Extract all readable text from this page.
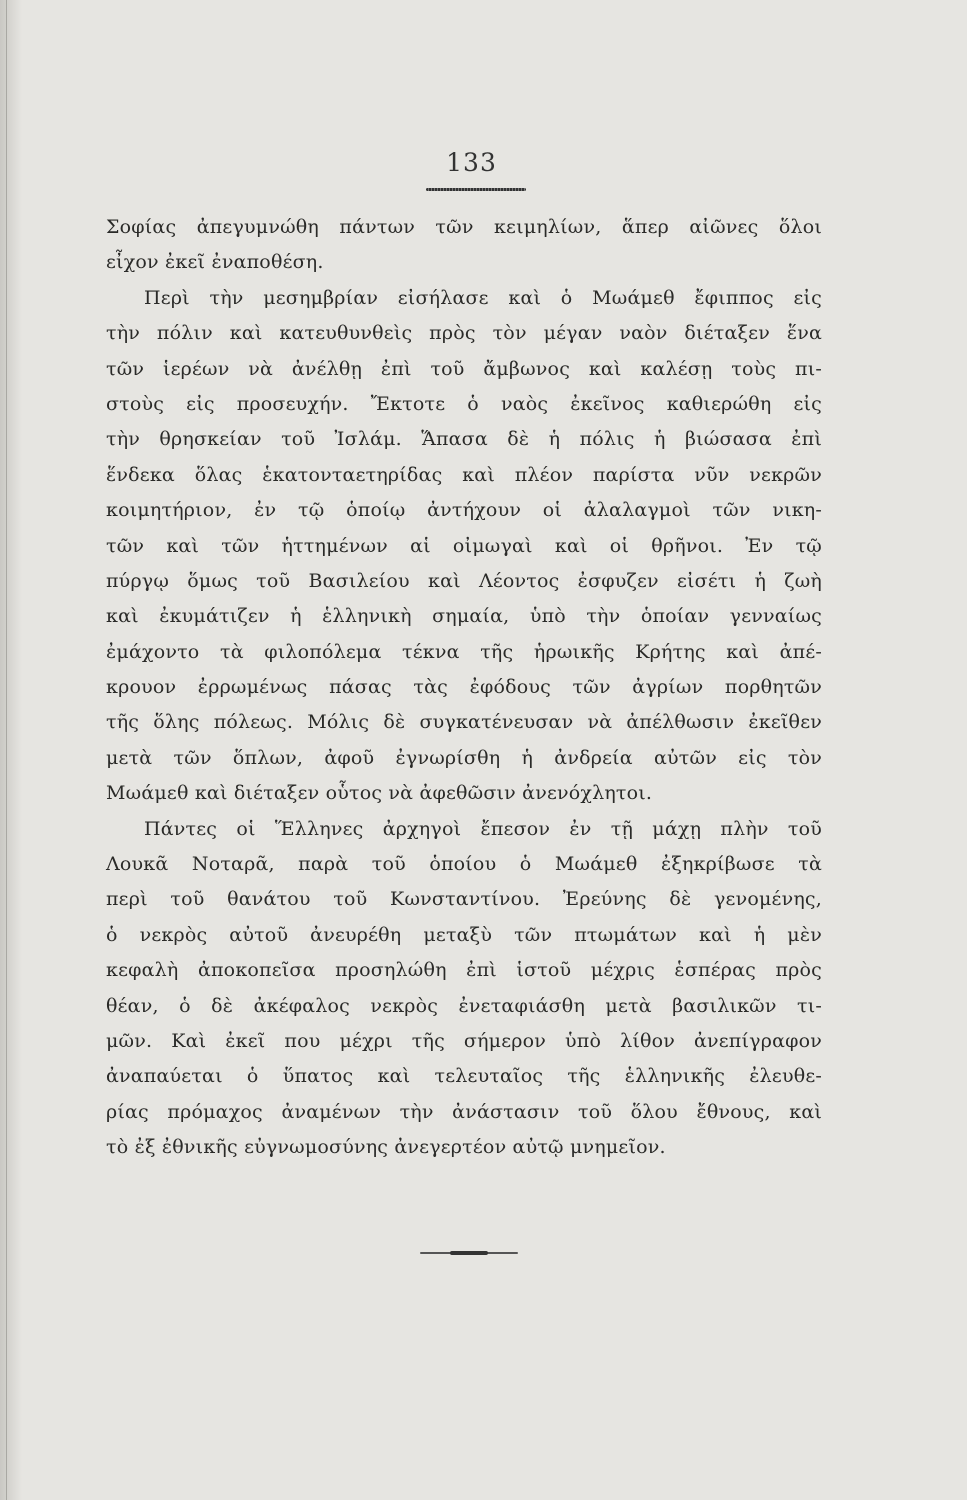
133
Σοφίας ἀπεγυμνώθη πάντων τῶν κειμηλίων, ἅπερ αἰῶνες ὅλοι
εἶχον ἐκεῖ ἐναποθέση.
Περὶ τὴν μεσημβρίαν εἰσήλασε καὶ ὁ Μωάμεθ ἔφιππος εἰς
τὴν πόλιν καὶ κατευθυνθεὶς πρὸς τὸν μέγαν ναὸν διέταξεν ἕνα
τῶν ἱερέων νὰ ἀνέλθῃ ἐπὶ τοῦ ἄμβωνος καὶ καλέσῃ τοὺς πι-
στοὺς εἰς προσευχήν. Ἔκτοτε ὁ ναὸς ἐκεῖνος καθιερώθη εἰς
τὴν θρησκείαν τοῦ Ἰσλάμ. Ἅπασα δὲ ἡ πόλις ἡ βιώσασα ἐπὶ
ἕνδεκα ὅλας ἑκατονταετηρίδας καὶ πλέον παρίστα νῦν νεκρῶν
κοιμητήριον, ἐν τῷ ὁποίῳ ἀντήχουν οἱ ἀλαλαγμοὶ τῶν νικη-
τῶν καὶ τῶν ἡττημένων αἱ οἰμωγαὶ καὶ οἱ θρῆνοι. Ἐν τῷ
πύργῳ ὅμως τοῦ Βασιλείου καὶ Λέοντος ἐσφυζεν εἰσέτι ἡ ζωὴ
καὶ ἐκυμάτιζεν ἡ ἑλληνικὴ σημαία, ὑπὸ τὴν ὁποίαν γενναίως
ἐμάχοντο τὰ φιλοπόλεμα τέκνα τῆς ἡρωικῆς Κρήτης καὶ ἀπέ-
κρουον ἐρρωμένως πάσας τὰς ἐφόδους τῶν ἀγρίων πορθητῶν
τῆς ὅλης πόλεως. Μόλις δὲ συγκατένευσαν νὰ ἀπέλθωσιν ἐκεῖθεν
μετὰ τῶν ὅπλων, ἀφοῦ ἐγνωρίσθη ἡ ἀνδρεία αὐτῶν εἰς τὸν
Μωάμεθ καὶ διέταξεν οὗτος νὰ ἀφεθῶσιν ἀνενόχλητοι.
Πάντες οἱ Ἕλληνες ἀρχηγοὶ ἔπεσον ἐν τῇ μάχῃ πλὴν τοῦ
Λουκᾶ Νοταρᾶ, παρὰ τοῦ ὁποίου ὁ Μωάμεθ ἐξηκρίβωσε τὰ
περὶ τοῦ θανάτου τοῦ Κωνσταντίνου. Ἐρεύνης δὲ γενομένης,
ὁ νεκρὸς αὐτοῦ ἀνευρέθη μεταξὺ τῶν πτωμάτων καὶ ἡ μὲν
κεφαλὴ ἀποκοπεῖσα προσηλώθη ἐπὶ ἱστοῦ μέχρις ἑσπέρας πρὸς
θέαν, ὁ δὲ ἀκέφαλος νεκρὸς ἐνεταφιάσθη μετὰ βασιλικῶν τι-
μῶν. Καὶ ἐκεῖ που μέχρι τῆς σήμερον ὑπὸ λίθον ἀνεπίγραφον
ἀναπαύεται ὁ ὕπατος καὶ τελευταῖος τῆς ἑλληνικῆς ἐλευθε-
ρίας πρόμαχος ἀναμένων τὴν ἀνάστασιν τοῦ ὅλου ἔθνους, καὶ
τὸ ἐξ ἐθνικῆς εὐγνωμοσύνης ἀνεγερτέον αὐτῷ μνημεῖον.
